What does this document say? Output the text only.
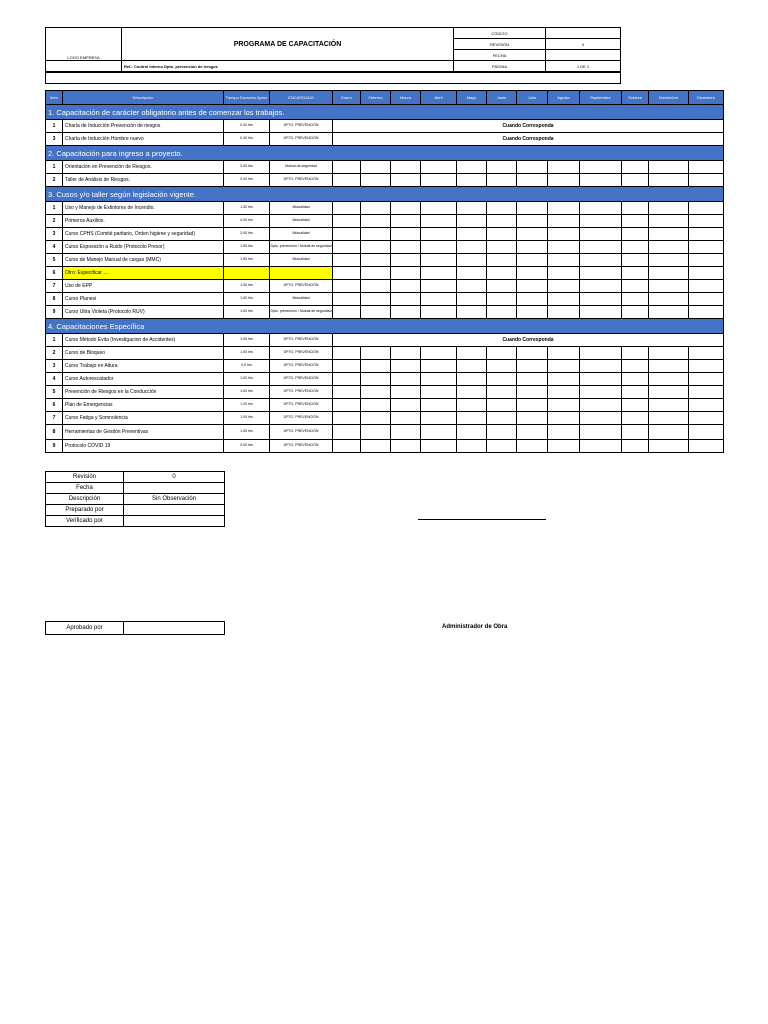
LOGO EMPRESA	PROGRAMA DE CAPACITACIÓN	CÓDIGO	
		REVISIÓN	0
		FECHA	
	Ref.: Control Interno Dpto. prevención de riesgos	PÁGINA	1 DE 1
Item	Descripción	Tiempo Duración Aprox	ENCARGADO	Enero	Febrero	Marzo	Abril	Mayo	Junio	Julio	Agosto	Septiembre	Octubre	Noviembre	Diciembre
1. Capacitación de carácter obligatorio antes de comenzar los trabajos.															
1	Charla de Inducción Prevención de riesgos	0.40 hrs	DPTO. PREVENCIÓN	Cuando Corresponda											
3	Charla de Inducción Hombre nuevo	0.40 hrs	DPTO. PREVENCIÓN	Cuando Corresponda											
2. Capacitación para ingreso a proyecto.															
1	Orientación en Prevención de Riesgos.	3.00 hrs	Mutual de seguridad												
2	Taller de Análisis de Riesgos.	3.00 hrs	DPTO. PREVENCIÓN												
3. Cusos y/o taller según legislación vigente.															
1	Uso y Manejo de Extintores de Incendio.	1:30 hrs	Mutualidad												
2	Primeros Auxilios.	4.00 hrs	Mutualidad												
3	Curso CPHS (Comité paritario, Orden higiene y seguridad)	2:40 hrs	Mutualidad												
4	Curso Exposición a Ruido (Protocolo Prexor)	1:50 hrs	Dpto. prevención / Mutual de seguridad												
5	Curso de Manejo Manual de cargas (MMC)	1:50 hrs	Mutualidad												
6	Otro: Especificar ....														
7	Uso de EPP	1:30 hrs	DPTO. PREVENCIÓN												
8	Curso Planesi	1:30 hrs	Mutualidad												
9	Curso Ultra Violeta (Protocolo RUV)	1:00 hrs	Dpto. prevención / Mutual de seguridad												
4. Capacitaciones Específica															
1	Curso Método Evita (Investigacion de Accidentes)	1:00 hrs	DPTO. PREVENCIÓN	Cuando Corresponda											
2	Curso de Bloqueo	1.00 hrs	DPTO. PREVENCIÓN												
3	Curso Trabajo en Altura	0,5 hrs	DPTO. PREVENCIÓN												
4	Curso Autorescatador	1:00 hrs	DPTO. PREVENCIÓN												
5	Prevención de Riesgos en la Conducción	1:00 hrs	DPTO. PREVENCIÓN												
6	Plan de Emergencias	1.00 hrs	DPTO. PREVENCIÓN												
7	Curso Fatiga y Somnolencia	1.00 hrs	DPTO. PREVENCIÓN												
8	Herramientas de Gestión Preventivas	1.00 hrs	DPTO. PREVENCIÓN												
9	Protocolo COVID 19	3.00 hrs	DPTO. PREVENCIÓN												
Revisión	0
Fecha	
Descripción	Sin Observación
Preparado por	
Verificado por	
Aprobado por		Administrador de Obra
